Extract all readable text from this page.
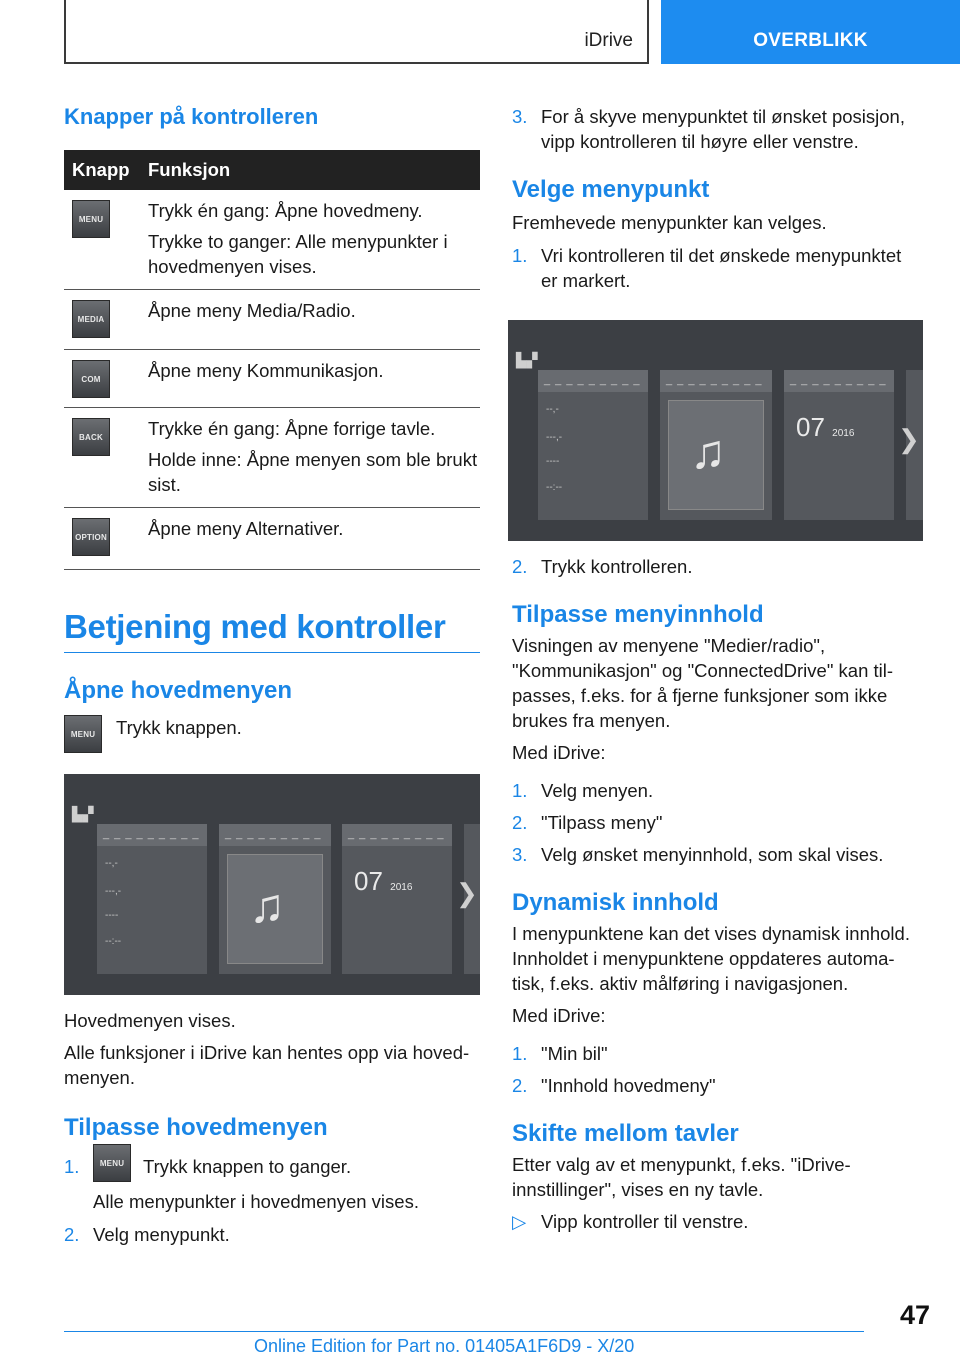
iDrive	OVERBLIKK
Knapper på kontrolleren
Knapp	Funksjon

MENU	Trykk én gang: Åpne hovedmeny.
Trykke to ganger: Alle menypunkter i hovedmenyen vises.

MEDIA	Åpne meny Media/Radio.

COM	Åpne meny Kommunikasjon.

BACK	Trykke én gang: Åpne forrige tavle.
Holde inne: Åpne menyen som ble brukt sist.

OPTION	Åpne meny Alternativer.
Betjening med kontroller
Åpne hovedmenyen
MENU	Trykk knappen.

▙▞
_ _ _ _ _ _ _ _ _
--,-
---,-
----
--:--
_ _ _ _ _ _ _ _ _
♫
_ _ _ _ _ _ _ _ _
07 2016 ❯

Hovedmenyen vises.

Alle funksjoner i iDrive kan hentes opp via hoved‐menyen.

Tilpasse hovedmenyen
1.	MENU	Trykk knappen to ganger.

Alle menypunkter i hovedmenyen vises.

2. Velg menypunkt.
3. For å skyve menypunktet til ønsket posisjon, vipp kontrolleren til høyre eller venstre.
Velge menypunkt

Fremhevede menypunkter kan velges.

1. Vri kontrolleren til det ønskede menypunktet er markert.
▙▞
_ _ _ _ _ _ _ _ _
--,-
---,-
----
--:--
_ _ _ _ _ _ _ _ _
♫
_ _ _ _ _ _ _ _ _
07 2016 ❯
2. Trykk kontrolleren.
Tilpasse menyinnhold

Visningen av menyene "Medier/radio", "Kommunikasjon" og "ConnectedDrive" kan til‐passes, f.eks. for å fjerne funksjoner som ikke brukes fra menyen.

Med iDrive:

1. Velg menyen.
2. "Tilpass meny"
3. Velg ønsket menyinnhold, som skal vises.
Dynamisk innhold

I menypunktene kan det vises dynamisk innhold. Innholdet i menypunktene oppdateres automa‐tisk, f.eks. aktiv målføring i navigasjonen.

Med iDrive:

1. "Min bil"
2. "Innhold hovedmeny"
Skifte mellom tavler

Etter valg av et menypunkt, f.eks. "iDrive-innstillinger", vises en ny tavle.

▷ Vipp kontroller til venstre.
47
Online Edition for Part no. 01405A1F6D9 - X/20
